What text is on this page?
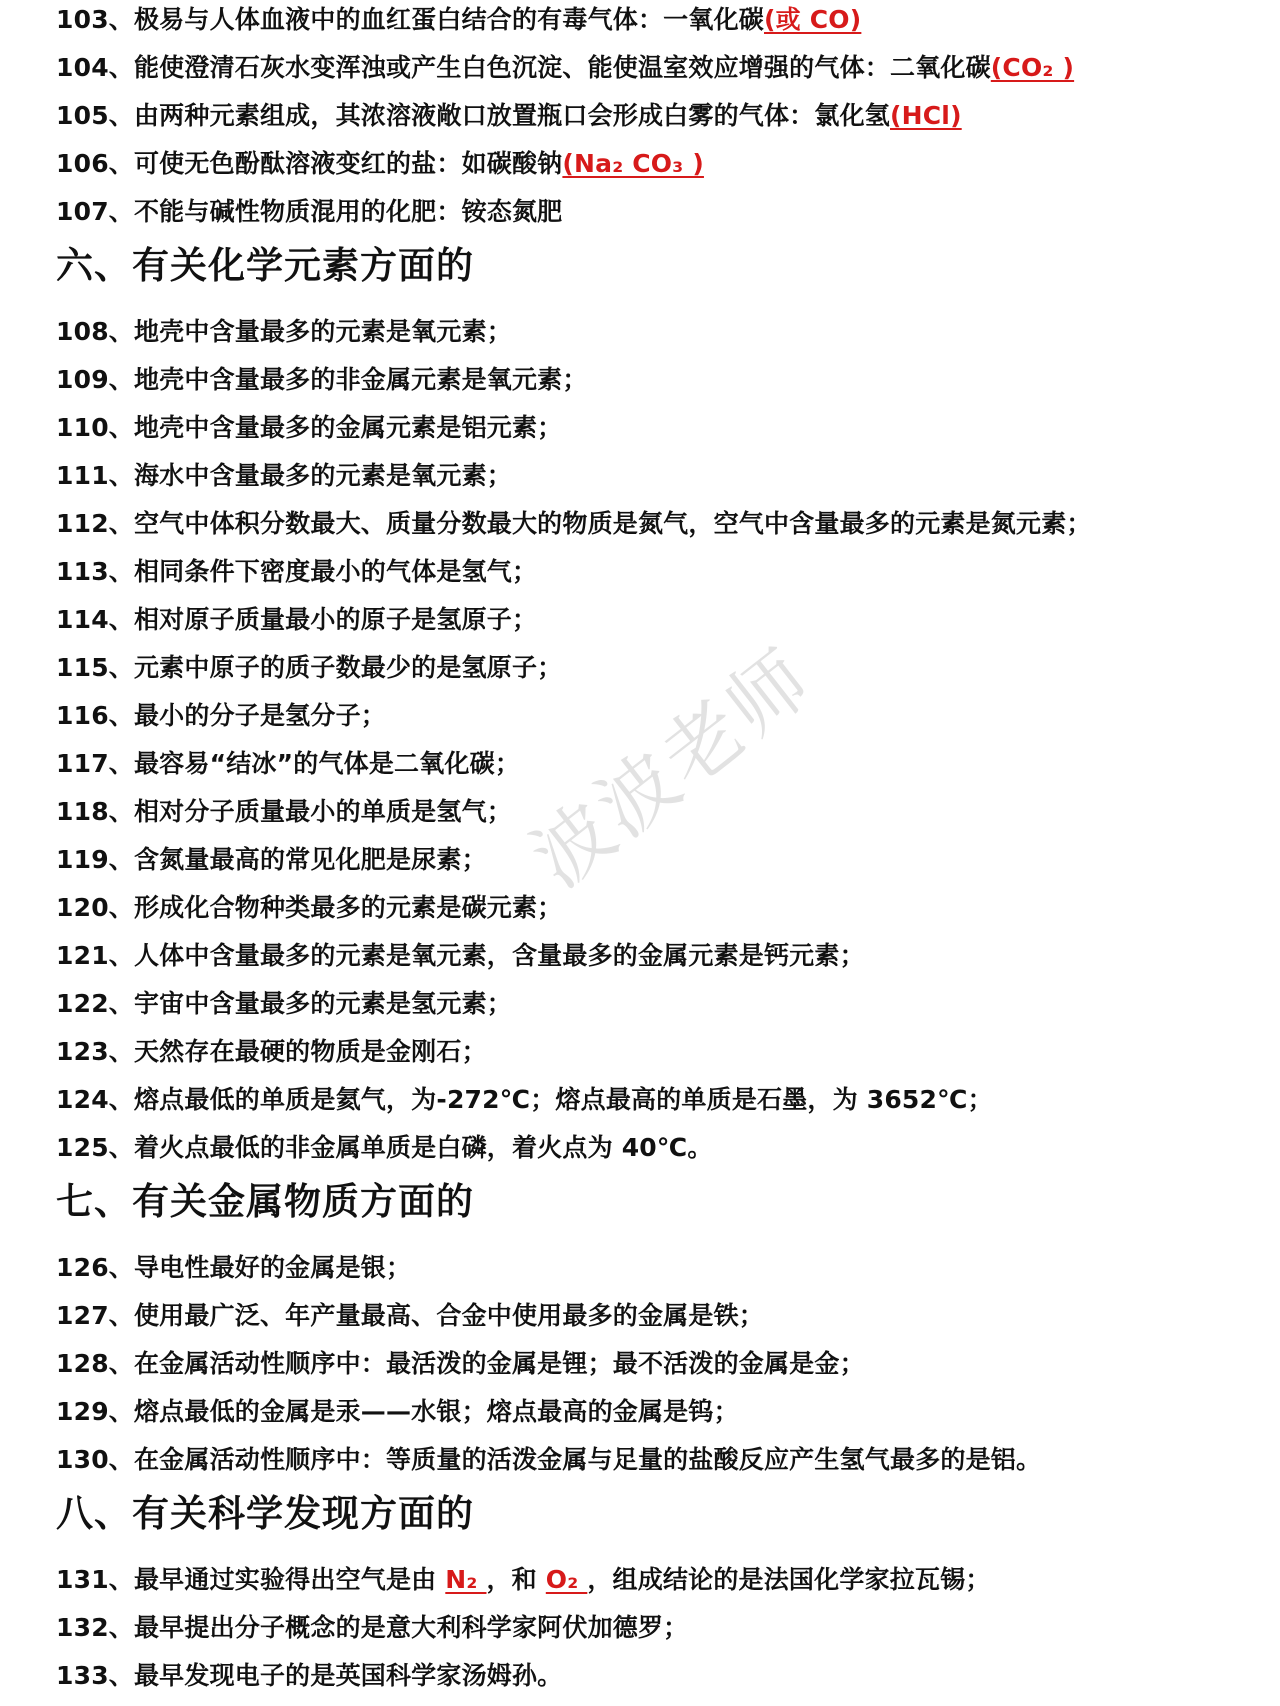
103、极易与人体血液中的血红蛋白结合的有毒气体：一氧化碳(或 CO)
104、能使澄清石灰水变浑浊或产生白色沉淀、能使温室效应增强的气体：二氧化碳(CO₂ )
105、由两种元素组成，其浓溶液敞口放置瓶口会形成白雾的气体：氯化氢(HCl)
106、可使无色酚酞溶液变红的盐：如碳酸钠(Na₂ CO₃ )
107、不能与碱性物质混用的化肥：铵态氮肥
六、有关化学元素方面的
108、地壳中含量最多的元素是氧元素；
109、地壳中含量最多的非金属元素是氧元素；
110、地壳中含量最多的金属元素是铝元素；
111、海水中含量最多的元素是氧元素；
112、空气中体积分数最大、质量分数最大的物质是氮气，空气中含量最多的元素是氮元素；
113、相同条件下密度最小的气体是氢气；
114、相对原子质量最小的原子是氢原子；
115、元素中原子的质子数最少的是氢原子；
116、最小的分子是氢分子；
117、最容易“结冰”的气体是二氧化碳；
118、相对分子质量最小的单质是氢气；
119、含氮量最高的常见化肥是尿素；
120、形成化合物种类最多的元素是碳元素；
121、人体中含量最多的元素是氧元素，含量最多的金属元素是钙元素；
122、宇宙中含量最多的元素是氢元素；
123、天然存在最硬的物质是金刚石；
124、熔点最低的单质是氦气，为-272℃；熔点最高的单质是石墨，为 3652℃；
125、着火点最低的非金属单质是白磷，着火点为 40℃。
七、有关金属物质方面的
126、导电性最好的金属是银；
127、使用最广泛、年产量最高、合金中使用最多的金属是铁；
128、在金属活动性顺序中：最活泼的金属是锂；最不活泼的金属是金；
129、熔点最低的金属是汞——水银；熔点最高的金属是钨；
130、在金属活动性顺序中：等质量的活泼金属与足量的盐酸反应产生氢气最多的是铝。
八、有关科学发现方面的
131、最早通过实验得出空气是由 N₂ ，和 O₂ ，组成结论的是法国化学家拉瓦锡；
132、最早提出分子概念的是意大利科学家阿伏加德罗；
133、最早发现电子的是英国科学家汤姆孙。
波波老师
